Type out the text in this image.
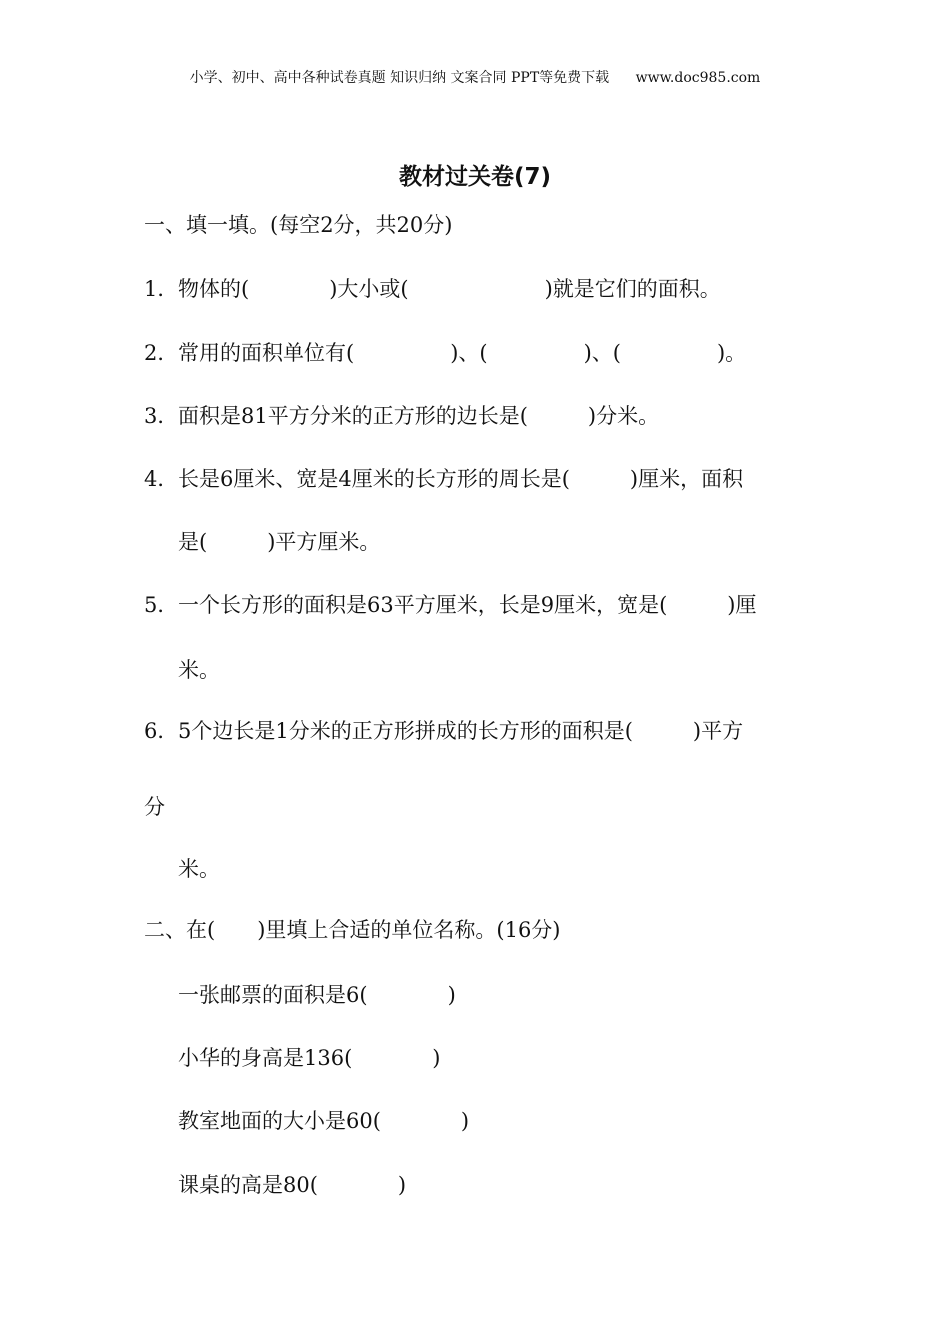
小学、初中、高中各种试卷真题 知识归纳 文案合同 PPT等免费下载 www.doc985.com
教材过关卷(7)
一、填一填。(每空2分，共20分)
1．物体的(	)大小或(	)就是它们的面积。
2．常用的面积单位有(	)、(	)、(	)。
3．面积是81平方分米的正方形的边长是(	)分米。
4．长是6厘米、宽是4厘米的长方形的周长是(	)厘米，面积
是(	)平方厘米。
5．一个长方形的面积是63平方厘米，长是9厘米，宽是(	)厘
米。
6．5个边长是1分米的正方形拼成的长方形的面积是(	)平方
分
米。
二、在( )里填上合适的单位名称。(16分)
一张邮票的面积是6(	)
小华的身高是136(	)
教室地面的大小是60(	)
课桌的高是80(	)
